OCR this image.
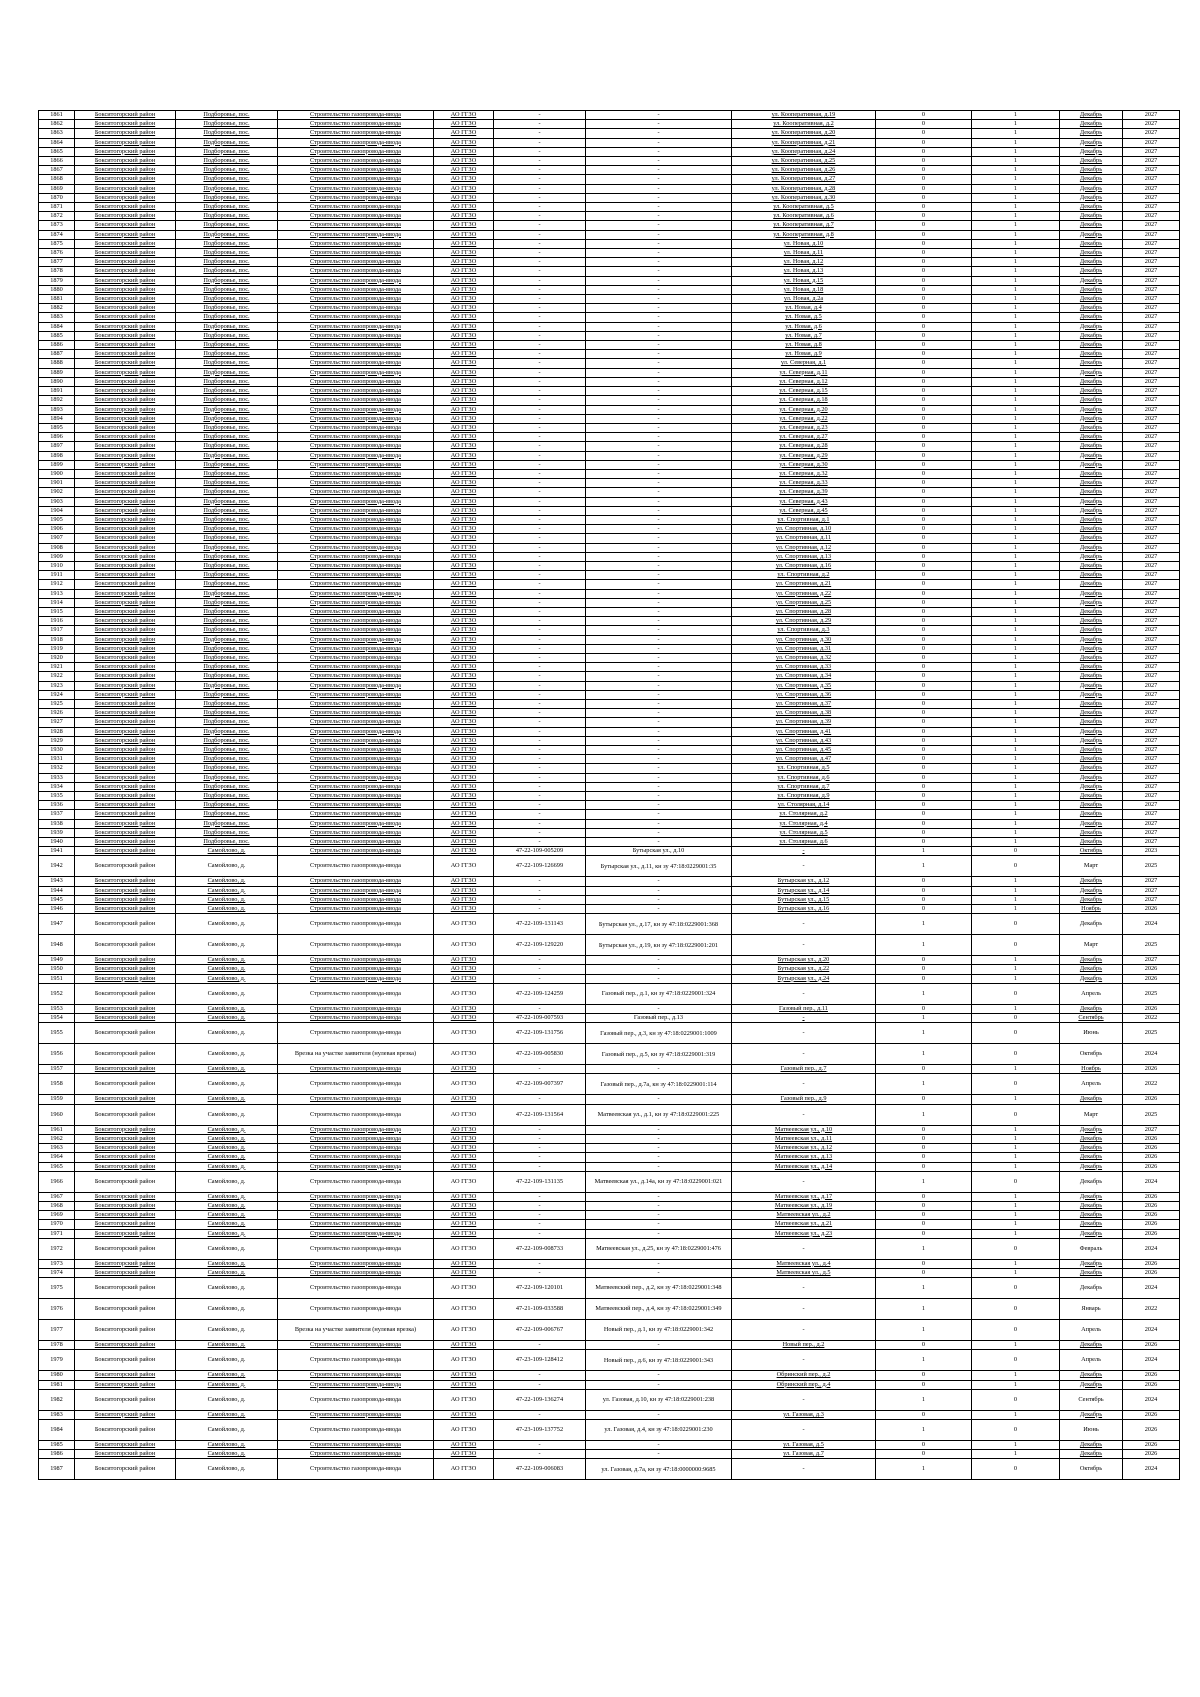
1861	Бокситогорский район	Подборовье, пос.	Строительство газопровода-ввода	АО ГГЗО	-	-	ул. Кооперативная, д.19	0	1	Декабрь	2027
1862	Бокситогорский район	Подборовье, пос.	Строительство газопровода-ввода	АО ГГЗО	-	-	ул. Кооперативная, д.2	0	1	Декабрь	2027
1863	Бокситогорский район	Подборовье, пос.	Строительство газопровода-ввода	АО ГГЗО	-	-	ул. Кооперативная, д.20	0	1	Декабрь	2027
1864	Бокситогорский район	Подборовье, пос.	Строительство газопровода-ввода	АО ГГЗО	-	-	ул. Кооперативная, д.21	0	1	Декабрь	2027
1865	Бокситогорский район	Подборовье, пос.	Строительство газопровода-ввода	АО ГГЗО	-	-	ул. Кооперативная, д.24	0	1	Декабрь	2027
1866	Бокситогорский район	Подборовье, пос.	Строительство газопровода-ввода	АО ГГЗО	-	-	ул. Кооперативная, д.25	0	1	Декабрь	2027
1867	Бокситогорский район	Подборовье, пос.	Строительство газопровода-ввода	АО ГГЗО	-	-	ул. Кооперативная, д.26	0	1	Декабрь	2027
1868	Бокситогорский район	Подборовье, пос.	Строительство газопровода-ввода	АО ГГЗО	-	-	ул. Кооперативная, д.27	0	1	Декабрь	2027
1869	Бокситогорский район	Подборовье, пос.	Строительство газопровода-ввода	АО ГГЗО	-	-	ул. Кооперативная, д.28	0	1	Декабрь	2027
1870	Бокситогорский район	Подборовье, пос.	Строительство газопровода-ввода	АО ГГЗО	-	-	ул. Кооперативная, д.30	0	1	Декабрь	2027
1871	Бокситогорский район	Подборовье, пос.	Строительство газопровода-ввода	АО ГГЗО	-	-	ул. Кооперативная, д.5	0	1	Декабрь	2027
1872	Бокситогорский район	Подборовье, пос.	Строительство газопровода-ввода	АО ГГЗО	-	-	ул. Кооперативная, д.6	0	1	Декабрь	2027
1873	Бокситогорский район	Подборовье, пос.	Строительство газопровода-ввода	АО ГГЗО	-	-	ул. Кооперативная, д.7	0	1	Декабрь	2027
1874	Бокситогорский район	Подборовье, пос.	Строительство газопровода-ввода	АО ГГЗО	-	-	ул. Кооперативная, д.8	0	1	Декабрь	2027
1875	Бокситогорский район	Подборовье, пос.	Строительство газопровода-ввода	АО ГГЗО	-	-	ул. Новая, д.10	0	1	Декабрь	2027
1876	Бокситогорский район	Подборовье, пос.	Строительство газопровода-ввода	АО ГГЗО	-	-	ул. Новая, д.11	0	1	Декабрь	2027
1877	Бокситогорский район	Подборовье, пос.	Строительство газопровода-ввода	АО ГГЗО	-	-	ул. Новая, д.12	0	1	Декабрь	2027
1878	Бокситогорский район	Подборовье, пос.	Строительство газопровода-ввода	АО ГГЗО	-	-	ул. Новая, д.13	0	1	Декабрь	2027
1879	Бокситогорский район	Подборовье, пос.	Строительство газопровода-ввода	АО ГГЗО	-	-	ул. Новая, д.15	0	1	Декабрь	2027
1880	Бокситогорский район	Подборовье, пос.	Строительство газопровода-ввода	АО ГГЗО	-	-	ул. Новая, д.18	0	1	Декабрь	2027
1881	Бокситогорский район	Подборовье, пос.	Строительство газопровода-ввода	АО ГГЗО	-	-	ул. Новая, д.2а	0	1	Декабрь	2027
1882	Бокситогорский район	Подборовье, пос.	Строительство газопровода-ввода	АО ГГЗО	-	-	ул. Новая, д.4	0	1	Декабрь	2027
1883	Бокситогорский район	Подборовье, пос.	Строительство газопровода-ввода	АО ГГЗО	-	-	ул. Новая, д.5	0	1	Декабрь	2027
1884	Бокситогорский район	Подборовье, пос.	Строительство газопровода-ввода	АО ГГЗО	-	-	ул. Новая, д.6	0	1	Декабрь	2027
1885	Бокситогорский район	Подборовье, пос.	Строительство газопровода-ввода	АО ГГЗО	-	-	ул. Новая, д.7	0	1	Декабрь	2027
1886	Бокситогорский район	Подборовье, пос.	Строительство газопровода-ввода	АО ГГЗО	-	-	ул. Новая, д.8	0	1	Декабрь	2027
1887	Бокситогорский район	Подборовье, пос.	Строительство газопровода-ввода	АО ГГЗО	-	-	ул. Новая, д.9	0	1	Декабрь	2027
1888	Бокситогорский район	Подборовье, пос.	Строительство газопровода-ввода	АО ГГЗО	-	-	ул. Северная, д.1	0	1	Декабрь	2027
1889	Бокситогорский район	Подборовье, пос.	Строительство газопровода-ввода	АО ГГЗО	-	-	ул. Северная, д.11	0	1	Декабрь	2027
1890	Бокситогорский район	Подборовье, пос.	Строительство газопровода-ввода	АО ГГЗО	-	-	ул. Северная, д.12	0	1	Декабрь	2027
1891	Бокситогорский район	Подборовье, пос.	Строительство газопровода-ввода	АО ГГЗО	-	-	ул. Северная, д.15	0	1	Декабрь	2027
1892	Бокситогорский район	Подборовье, пос.	Строительство газопровода-ввода	АО ГГЗО	-	-	ул. Северная, д.18	0	1	Декабрь	2027
1893	Бокситогорский район	Подборовье, пос.	Строительство газопровода-ввода	АО ГГЗО	-	-	ул. Северная, д.20	0	1	Декабрь	2027
1894	Бокситогорский район	Подборовье, пос.	Строительство газопровода-ввода	АО ГГЗО	-	-	ул. Северная, д.22	0	1	Декабрь	2027
1895	Бокситогорский район	Подборовье, пос.	Строительство газопровода-ввода	АО ГГЗО	-	-	ул. Северная, д.23	0	1	Декабрь	2027
1896	Бокситогорский район	Подборовье, пос.	Строительство газопровода-ввода	АО ГГЗО	-	-	ул. Северная, д.27	0	1	Декабрь	2027
1897	Бокситогорский район	Подборовье, пос.	Строительство газопровода-ввода	АО ГГЗО	-	-	ул. Северная, д.28	0	1	Декабрь	2027
1898	Бокситогорский район	Подборовье, пос.	Строительство газопровода-ввода	АО ГГЗО	-	-	ул. Северная, д.29	0	1	Декабрь	2027
1899	Бокситогорский район	Подборовье, пос.	Строительство газопровода-ввода	АО ГГЗО	-	-	ул. Северная, д.30	0	1	Декабрь	2027
1900	Бокситогорский район	Подборовье, пос.	Строительство газопровода-ввода	АО ГГЗО	-	-	ул. Северная, д.32	0	1	Декабрь	2027
1901	Бокситогорский район	Подборовье, пос.	Строительство газопровода-ввода	АО ГГЗО	-	-	ул. Северная, д.33	0	1	Декабрь	2027
1902	Бокситогорский район	Подборовье, пос.	Строительство газопровода-ввода	АО ГГЗО	-	-	ул. Северная, д.39	0	1	Декабрь	2027
1903	Бокситогорский район	Подборовье, пос.	Строительство газопровода-ввода	АО ГГЗО	-	-	ул. Северная, д.43	0	1	Декабрь	2027
1904	Бокситогорский район	Подборовье, пос.	Строительство газопровода-ввода	АО ГГЗО	-	-	ул. Северная, д.45	0	1	Декабрь	2027
1905	Бокситогорский район	Подборовье, пос.	Строительство газопровода-ввода	АО ГГЗО	-	-	ул. Спортивная, д.1	0	1	Декабрь	2027
1906	Бокситогорский район	Подборовье, пос.	Строительство газопровода-ввода	АО ГГЗО	-	-	ул. Спортивная, д.10	0	1	Декабрь	2027
1907	Бокситогорский район	Подборовье, пос.	Строительство газопровода-ввода	АО ГГЗО	-	-	ул. Спортивная, д.11	0	1	Декабрь	2027
1908	Бокситогорский район	Подборовье, пос.	Строительство газопровода-ввода	АО ГГЗО	-	-	ул. Спортивная, д.12	0	1	Декабрь	2027
1909	Бокситогорский район	Подборовье, пос.	Строительство газопровода-ввода	АО ГГЗО	-	-	ул. Спортивная, д.13	0	1	Декабрь	2027
1910	Бокситогорский район	Подборовье, пос.	Строительство газопровода-ввода	АО ГГЗО	-	-	ул. Спортивная, д.16	0	1	Декабрь	2027
1911	Бокситогорский район	Подборовье, пос.	Строительство газопровода-ввода	АО ГГЗО	-	-	ул. Спортивная, д.2	0	1	Декабрь	2027
1912	Бокситогорский район	Подборовье, пос.	Строительство газопровода-ввода	АО ГГЗО	-	-	ул. Спортивная, д.21	0	1	Декабрь	2027
1913	Бокситогорский район	Подборовье, пос.	Строительство газопровода-ввода	АО ГГЗО	-	-	ул. Спортивная, д.22	0	1	Декабрь	2027
1914	Бокситогорский район	Подборовье, пос.	Строительство газопровода-ввода	АО ГГЗО	-	-	ул. Спортивная, д.25	0	1	Декабрь	2027
1915	Бокситогорский район	Подборовье, пос.	Строительство газопровода-ввода	АО ГГЗО	-	-	ул. Спортивная, д.28	0	1	Декабрь	2027
1916	Бокситогорский район	Подборовье, пос.	Строительство газопровода-ввода	АО ГГЗО	-	-	ул. Спортивная, д.29	0	1	Декабрь	2027
1917	Бокситогорский район	Подборовье, пос.	Строительство газопровода-ввода	АО ГГЗО	-	-	ул. Спортивная, д.3	0	1	Декабрь	2027
1918	Бокситогорский район	Подборовье, пос.	Строительство газопровода-ввода	АО ГГЗО	-	-	ул. Спортивная, д.30	0	1	Декабрь	2027
1919	Бокситогорский район	Подборовье, пос.	Строительство газопровода-ввода	АО ГГЗО	-	-	ул. Спортивная, д.31	0	1	Декабрь	2027
1920	Бокситогорский район	Подборовье, пос.	Строительство газопровода-ввода	АО ГГЗО	-	-	ул. Спортивная, д.32	0	1	Декабрь	2027
1921	Бокситогорский район	Подборовье, пос.	Строительство газопровода-ввода	АО ГГЗО	-	-	ул. Спортивная, д.33	0	1	Декабрь	2027
1922	Бокситогорский район	Подборовье, пос.	Строительство газопровода-ввода	АО ГГЗО	-	-	ул. Спортивная, д.34	0	1	Декабрь	2027
1923	Бокситогорский район	Подборовье, пос.	Строительство газопровода-ввода	АО ГГЗО	-	-	ул. Спортивная, д.35	0	1	Декабрь	2027
1924	Бокситогорский район	Подборовье, пос.	Строительство газопровода-ввода	АО ГГЗО	-	-	ул. Спортивная, д.36	0	1	Декабрь	2027
1925	Бокситогорский район	Подборовье, пос.	Строительство газопровода-ввода	АО ГГЗО	-	-	ул. Спортивная, д.37	0	1	Декабрь	2027
1926	Бокситогорский район	Подборовье, пос.	Строительство газопровода-ввода	АО ГГЗО	-	-	ул. Спортивная, д.38	0	1	Декабрь	2027
1927	Бокситогорский район	Подборовье, пос.	Строительство газопровода-ввода	АО ГГЗО	-	-	ул. Спортивная, д.39	0	1	Декабрь	2027
1928	Бокситогорский район	Подборовье, пос.	Строительство газопровода-ввода	АО ГГЗО	-	-	ул. Спортивная, д.41	0	1	Декабрь	2027
1929	Бокситогорский район	Подборовье, пос.	Строительство газопровода-ввода	АО ГГЗО	-	-	ул. Спортивная, д.43	0	1	Декабрь	2027
1930	Бокситогорский район	Подборовье, пос.	Строительство газопровода-ввода	АО ГГЗО	-	-	ул. Спортивная, д.45	0	1	Декабрь	2027
1931	Бокситогорский район	Подборовье, пос.	Строительство газопровода-ввода	АО ГГЗО	-	-	ул. Спортивная, д.47	0	1	Декабрь	2027
1932	Бокситогорский район	Подборовье, пос.	Строительство газопровода-ввода	АО ГГЗО	-	-	ул. Спортивная, д.5	0	1	Декабрь	2027
1933	Бокситогорский район	Подборовье, пос.	Строительство газопровода-ввода	АО ГГЗО	-	-	ул. Спортивная, д.6	0	1	Декабрь	2027
1934	Бокситогорский район	Подборовье, пос.	Строительство газопровода-ввода	АО ГГЗО	-	-	ул. Спортивная, д.7	0	1	Декабрь	2027
1935	Бокситогорский район	Подборовье, пос.	Строительство газопровода-ввода	АО ГГЗО	-	-	ул. Спортивная, д.9	0	1	Декабрь	2027
1936	Бокситогорский район	Подборовье, пос.	Строительство газопровода-ввода	АО ГГЗО	-	-	ул. Столярная, д.14	0	1	Декабрь	2027
1937	Бокситогорский район	Подборовье, пос.	Строительство газопровода-ввода	АО ГГЗО	-	-	ул. Столярная, д.2	0	1	Декабрь	2027
1938	Бокситогорский район	Подборовье, пос.	Строительство газопровода-ввода	АО ГГЗО	-	-	ул. Столярная, д.4	0	1	Декабрь	2027
1939	Бокситогорский район	Подборовье, пос.	Строительство газопровода-ввода	АО ГГЗО	-	-	ул. Столярная, д.5	0	1	Декабрь	2027
1940	Бокситогорский район	Подборовье, пос.	Строительство газопровода-ввода	АО ГГЗО	-	-	ул. Столярная, д.6	0	1	Декабрь	2027
1941	Бокситогорский район	Самойлово, д.	Строительство газопровода-ввода	АО ГГЗО	47-22-109-005209	Бутырская ул., д.10	-	1	0	Октябрь	2023
1942	Бокситогорский район	Самойлово, д.	Строительство газопровода-ввода	АО ГГЗО	47-22-109-126699	Бутырская ул., д.11, кн зу 47:18:0229001:35	-	1	0	Март	2025
1943	Бокситогорский район	Самойлово, д.	Строительство газопровода-ввода	АО ГГЗО	-	-	Бутырская ул., д.12	0	1	Декабрь	2027
1944	Бокситогорский район	Самойлово, д.	Строительство газопровода-ввода	АО ГГЗО	-	-	Бутырская ул., д.14	0	1	Декабрь	2027
1945	Бокситогорский район	Самойлово, д.	Строительство газопровода-ввода	АО ГГЗО	-	-	Бутырская ул., д.15	0	1	Декабрь	2027
1946	Бокситогорский район	Самойлово, д.	Строительство газопровода-ввода	АО ГГЗО	-	-	Бутырская ул., д.16	0	1	Ноябрь	2026
1947	Бокситогорский район	Самойлово, д.	Строительство газопровода-ввода	АО ГГЗО	47-22-109-131143	Бутырская ул., д.17, кн зу 47:18:0229001:368	-	1	0	Декабрь	2024
1948	Бокситогорский район	Самойлово, д.	Строительство газопровода-ввода	АО ГГЗО	47-22-109-129220	Бутырская ул., д.19, кн зу 47:18:0229001:201	-	1	0	Март	2025
1949	Бокситогорский район	Самойлово, д.	Строительство газопровода-ввода	АО ГГЗО	-	-	Бутырская ул., д.20	0	1	Декабрь	2027
1950	Бокситогорский район	Самойлово, д.	Строительство газопровода-ввода	АО ГГЗО	-	-	Бутырская ул., д.22	0	1	Декабрь	2026
1951	Бокситогорский район	Самойлово, д.	Строительство газопровода-ввода	АО ГГЗО	-	-	Бутырская ул., д.24	0	1	Декабрь	2026
1952	Бокситогорский район	Самойлово, д.	Строительство газопровода-ввода	АО ГГЗО	47-22-109-124259	Газовый пер., д.1, кн зу 47:18:0229001:324	-	1	0	Апрель	2025
1953	Бокситогорский район	Самойлово, д.	Строительство газопровода-ввода	АО ГГЗО	-	-	Газовый пер., д.11	0	1	Декабрь	2026
1954	Бокситогорский район	Самойлово, д.	Строительство газопровода-ввода	АО ГГЗО	47-22-109-007593	Газовый пер., д.13	-	1	0	Сентябрь	2022
1955	Бокситогорский район	Самойлово, д.	Строительство газопровода-ввода	АО ГГЗО	47-22-109-131756	Газовый пер., д.3, кн зу 47:18:0229001:1009	-	1	0	Июнь	2025
1956	Бокситогорский район	Самойлово, д.	Врезка на участке заявителя (нулевая врезка)	АО ГГЗО	47-22-109-005830	Газовый пер., д.5, кн зу 47:18:0229001:319	-	1	0	Октябрь	2024
1957	Бокситогорский район	Самойлово, д.	Строительство газопровода-ввода	АО ГГЗО	-	-	Газовый пер., д.7	0	1	Ноябрь	2026
1958	Бокситогорский район	Самойлово, д.	Строительство газопровода-ввода	АО ГГЗО	47-22-109-007397	Газовый пер., д.7а, кн зу 47:18:0229001:114	-	1	0	Апрель	2022
1959	Бокситогорский район	Самойлово, д.	Строительство газопровода-ввода	АО ГГЗО	-	-	Газовый пер., д.9	0	1	Декабрь	2026
1960	Бокситогорский район	Самойлово, д.	Строительство газопровода-ввода	АО ГГЗО	47-22-109-131564	Матвеевская ул., д.1, кн зу 47:18:0229001:225	-	1	0	Март	2025
1961	Бокситогорский район	Самойлово, д.	Строительство газопровода-ввода	АО ГГЗО	-	-	Матвеевская ул., д.10	0	1	Декабрь	2027
1962	Бокситогорский район	Самойлово, д.	Строительство газопровода-ввода	АО ГГЗО	-	-	Матвеевская ул., д.11	0	1	Декабрь	2026
1963	Бокситогорский район	Самойлово, д.	Строительство газопровода-ввода	АО ГГЗО	-	-	Матвеевская ул., д.12	0	1	Декабрь	2026
1964	Бокситогорский район	Самойлово, д.	Строительство газопровода-ввода	АО ГГЗО	-	-	Матвеевская ул., д.13	0	1	Декабрь	2026
1965	Бокситогорский район	Самойлово, д.	Строительство газопровода-ввода	АО ГГЗО	-	-	Матвеевская ул., д.14	0	1	Декабрь	2026
1966	Бокситогорский район	Самойлово, д.	Строительство газопровода-ввода	АО ГГЗО	47-22-109-131135	Матвеевская ул., д.14а, кн зу 47:18:0229001:021	-	1	0	Декабрь	2024
1967	Бокситогорский район	Самойлово, д.	Строительство газопровода-ввода	АО ГГЗО	-	-	Матвеевская ул., д.17	0	1	Декабрь	2026
1968	Бокситогорский район	Самойлово, д.	Строительство газопровода-ввода	АО ГГЗО	-	-	Матвеевская ул., д.19	0	1	Декабрь	2026
1969	Бокситогорский район	Самойлово, д.	Строительство газопровода-ввода	АО ГГЗО	-	-	Матвеевская ул., д.2	0	1	Декабрь	2026
1970	Бокситогорский район	Самойлово, д.	Строительство газопровода-ввода	АО ГГЗО	-	-	Матвеевская ул., д.21	0	1	Декабрь	2026
1971	Бокситогорский район	Самойлово, д.	Строительство газопровода-ввода	АО ГГЗО	-	-	Матвеевская ул., д.23	0	1	Декабрь	2026
1972	Бокситогорский район	Самойлово, д.	Строительство газопровода-ввода	АО ГГЗО	47-22-109-008733	Матвеевская ул., д.25, кн зу 47:18:0229001:476	-	1	0	Февраль	2024
1973	Бокситогорский район	Самойлово, д.	Строительство газопровода-ввода	АО ГГЗО	-	-	Матвеевская ул., д.4	0	1	Декабрь	2026
1974	Бокситогорский район	Самойлово, д.	Строительство газопровода-ввода	АО ГГЗО	-	-	Матвеевская ул., д.5	0	1	Декабрь	2026
1975	Бокситогорский район	Самойлово, д.	Строительство газопровода-ввода	АО ГГЗО	47-22-109-120101	Матвеевский пер., д.2, кн зу 47:18:0229001:348	-	1	0	Декабрь	2024
1976	Бокситогорский район	Самойлово, д.	Строительство газопровода-ввода	АО ГГЗО	47-21-109-033588	Матвеевский пер., д.4, кн зу 47:18:0229001:349	-	1	0	Январь	2022
1977	Бокситогорский район	Самойлово, д.	Врезка на участке заявителя (нулевая врезка)	АО ГГЗО	47-22-109-006767	Новый пер., д.1, кн зу 47:18:0229001:342	-	1	0	Апрель	2024
1978	Бокситогорский район	Самойлово, д.	Строительство газопровода-ввода	АО ГГЗО	-	-	Новый пер., д.2	0	1	Декабрь	2026
1979	Бокситогорский район	Самойлово, д.	Строительство газопровода-ввода	АО ГГЗО	47-23-109-128412	Новый пер., д.6, кн зу 47:18:0229001:343	-	1	0	Апрель	2024
1980	Бокситогорский район	Самойлово, д.	Строительство газопровода-ввода	АО ГГЗО	-	-	Обринский пер., д.2	0	1	Декабрь	2026
1981	Бокситогорский район	Самойлово, д.	Строительство газопровода-ввода	АО ГГЗО	-	-	Обринский пер., д.4	0	1	Декабрь	2026
1982	Бокситогорский район	Самойлово, д.	Строительство газопровода-ввода	АО ГГЗО	47-22-109-136274	ул. Газовая, д.10, кн зу 47:18:0229001:238	-	1	0	Сентябрь	2024
1983	Бокситогорский район	Самойлово, д.	Строительство газопровода-ввода	АО ГГЗО	-	-	ул. Газовая, д.3	0	1	Декабрь	2026
1984	Бокситогорский район	Самойлово, д.	Строительство газопровода-ввода	АО ГГЗО	47-23-109-137752	ул. Газовая, д.4, кн зу 47:18:0229001:230	-	1	0	Июнь	2026
1985	Бокситогорский район	Самойлово, д.	Строительство газопровода-ввода	АО ГГЗО	-	-	ул. Газовая, д.5	0	1	Декабрь	2026
1986	Бокситогорский район	Самойлово, д.	Строительство газопровода-ввода	АО ГГЗО	-	-	ул. Газовая, д.7	0	1	Декабрь	2026
1987	Бокситогорский район	Самойлово, д.	Строительство газопровода-ввода	АО ГГЗО	47-22-109-006083	ул. Газовая, д.7а, кн зу 47:18:0000000:9685	-	1	0	Октябрь	2024
